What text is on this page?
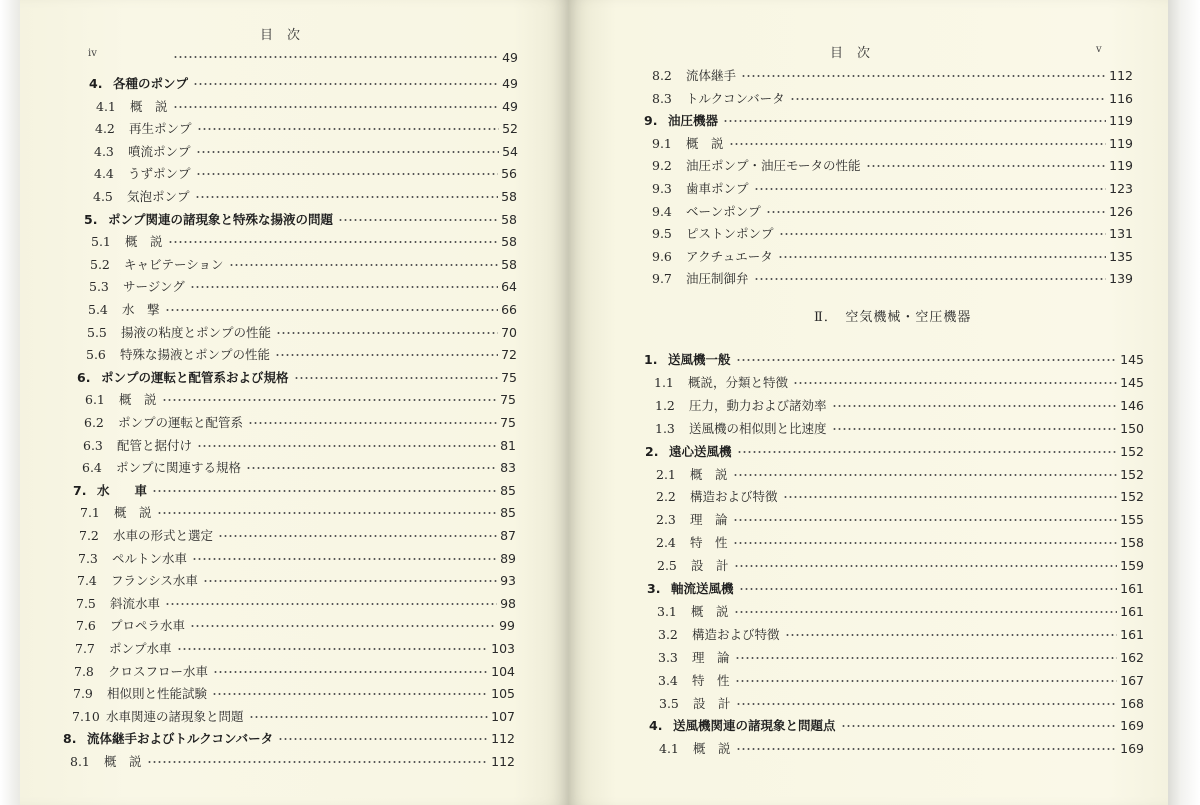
目次
iv	49
4. 各種のポンプ	49
4.1	概　説	49
4.2	再生ポンプ	52
4.3	噴流ポンプ	54
4.4	うずポンプ	56
4.5	気泡ポンプ	58
5. ポンプ関連の諸現象と特殊な揚液の問題	58
5.1	概　説	58
5.2	キャビテーション	58
5.3	サージング	64
5.4	水　撃	66
5.5	揚液の粘度とポンプの性能	70
5.6	特殊な揚液とポンプの性能	72
6. ポンプの運転と配管系および規格	75
6.1	概　説	75
6.2	ポンプの運転と配管系	75
6.3	配管と据付け	81
6.4	ポンプに関連する規格	83
7. 水　　車	85
7.1	概　説	85
7.2	水車の形式と選定	87
7.3	ペルトン水車	89
7.4	フランシス水車	93
7.5	斜流水車	98
7.6	プロペラ水車	99
7.7	ポンプ水車	103
7.8	クロスフロー水車	104
7.9	相似則と性能試験	105
7.10 水車関連の諸現象と問題	107
8. 流体継手およびトルクコンバータ	112
8.1	概　説	112
目次	v
8.2	流体継手	112
8.3	トルクコンバータ	116
9. 油圧機器	119
9.1	概　説	119
9.2	油圧ポンプ・油圧モータの性能	119
9.3	歯車ポンプ	123
9.4	ベーンポンプ	126
9.5	ピストンポンプ	131
9.6	アクチュエータ	135
9.7	油圧制御弁	139
Ⅱ．　空気機械・空圧機器
1. 送風機一般	145
1.1	概説，分類と特徴	145
1.2	圧力，動力および諸効率	146
1.3	送風機の相似則と比速度	150
2. 遠心送風機	152
2.1	概　説	152
2.2	構造および特徴	152
2.3	理　論	155
2.4	特　性	158
2.5	設　計	159
3. 軸流送風機	161
3.1	概　説	161
3.2	構造および特徴	161
3.3	理　論	162
3.4	特　性	167
3.5	設　計	168
4. 送風機関連の諸現象と問題点	169
4.1	概　説	169
